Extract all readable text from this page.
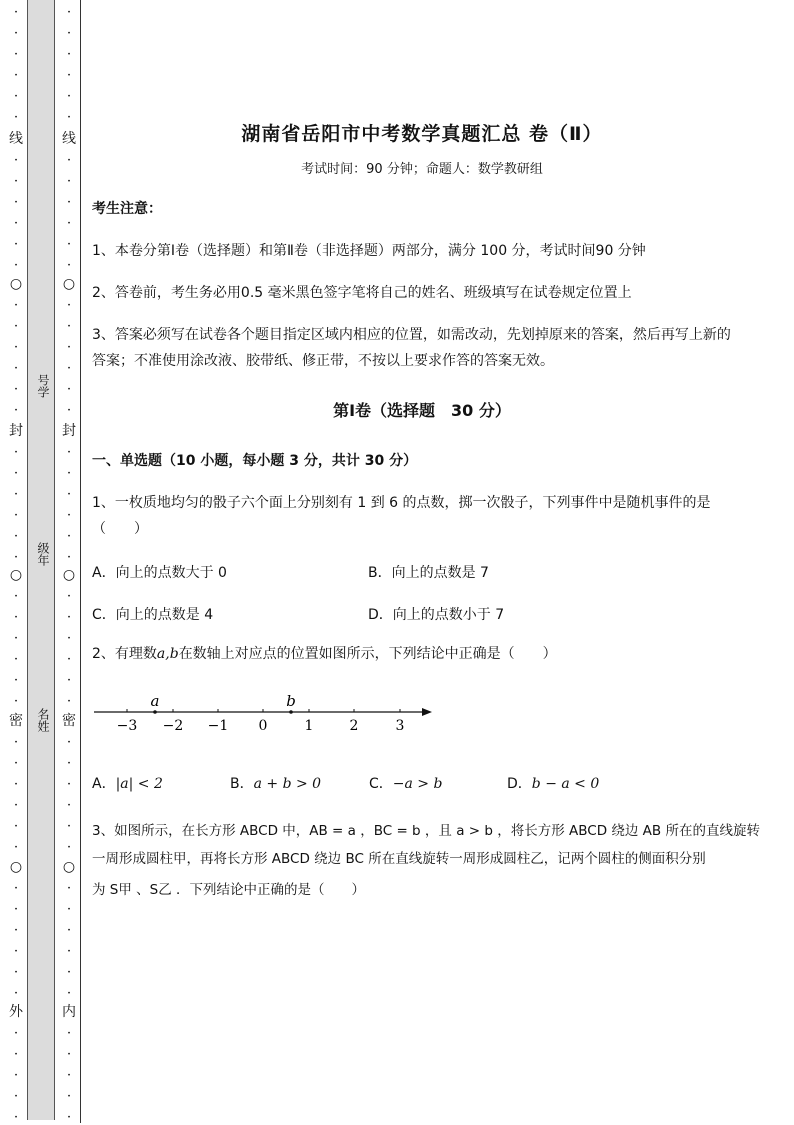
•
•
•
•
•
•
线
•
•
•
•
•
•
○
•
•
•
•
•
•
封
•
•
•
•
•
•
○
•
•
•
•
•
•
密
•
•
•
•
•
•
○
•
•
•
•
•
•
外
•
•
•
•
•
•
•
•
•
•
•
线
•
•
•
•
•
•
○
•
•
•
•
•
•
封
•
•
•
•
•
•
○
•
•
•
•
•
•
密
•
•
•
•
•
•
○
•
•
•
•
•
•
内
•
•
•
•
•
号学
级年
名姓
湖南省岳阳市中考数学真题汇总 卷（Ⅱ）
考试时间：90 分钟；命题人：数学教研组
考生注意：
1、本卷分第Ⅰ卷（选择题）和第Ⅱ卷（非选择题）两部分，满分 100 分，考试时间90 分钟
2、答卷前，考生务必用0.5 毫米黑色签字笔将自己的姓名、班级填写在试卷规定位置上
3、答案必须写在试卷各个题目指定区域内相应的位置，如需改动，先划掉原来的答案，然后再写上新的答案；不准使用涂改液、胶带纸、修正带，不按以上要求作答的答案无效。
第Ⅰ卷（选择题　30 分）
一、单选题（10 小题，每小题 3 分，共计 30 分）
1、一枚质地均匀的骰子六个面上分别刻有 1 到 6 的点数，掷一次骰子，下列事件中是随机事件的是（　　）
A．向上的点数大于 0	B．向上的点数是 7
C．向上的点数是 4	D．向上的点数小于 7
2、有理数a,b在数轴上对应点的位置如图所示，下列结论中正确是（　　）
−3 −2 −1 0	1	2	3
a	b
A．|a| < 2	B．a + b > 0	C．−a > b	D．b − a < 0
3、如图所示，在长方形 ABCD 中，AB = a ，BC = b ，且 a > b ，将长方形 ABCD 绕边 AB 所在的直线旋转
一周形成圆柱甲，再将长方形 ABCD 绕边 BC 所在直线旋转一周形成圆柱乙，记两个圆柱的侧面积分别
为 S甲 、S乙 ．下列结论中正确的是（　　）
